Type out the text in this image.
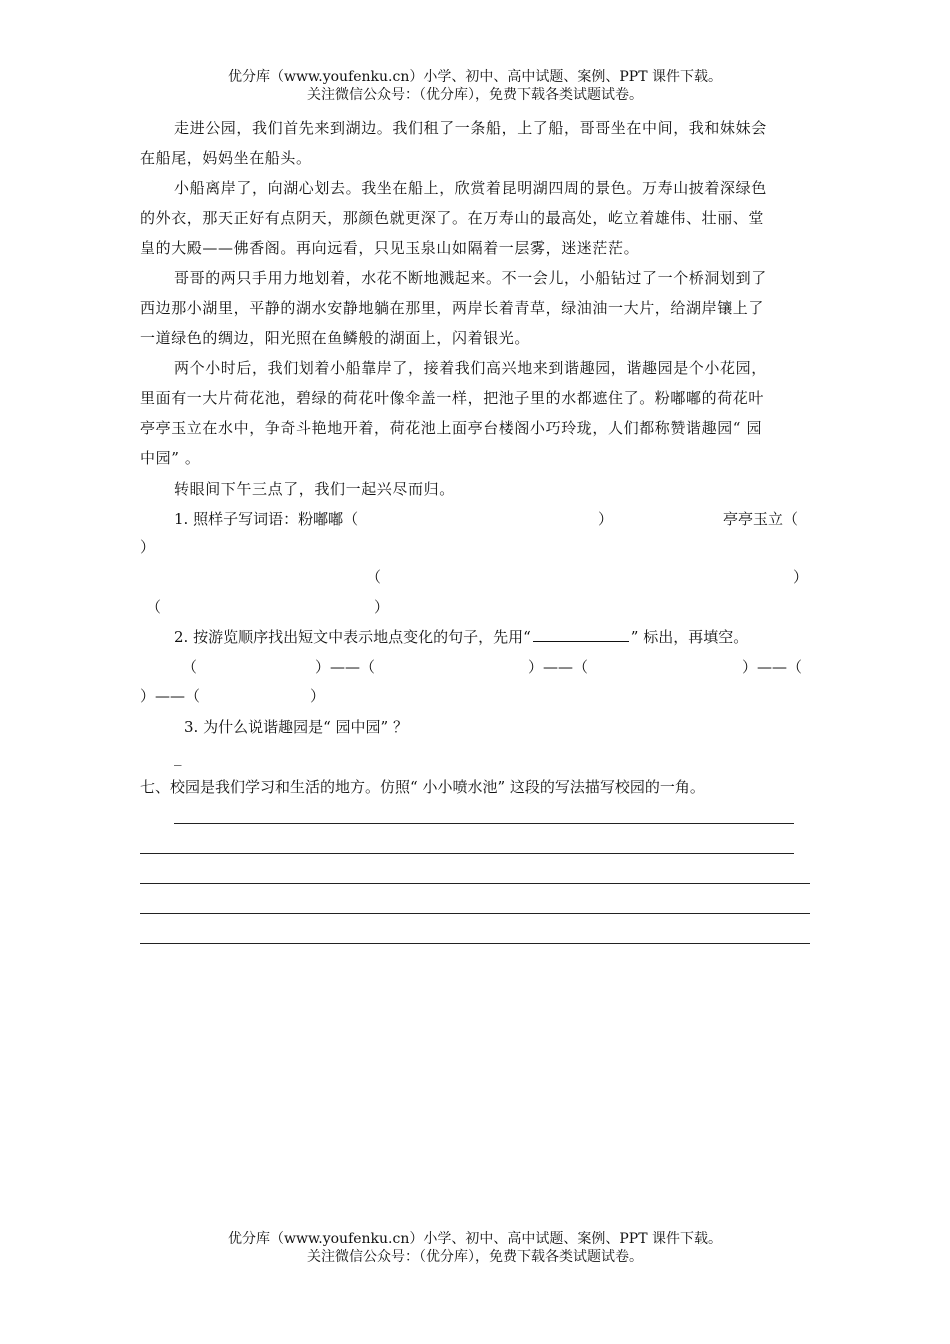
优分库（www.youfenku.cn）小学、初中、高中试题、案例、PPT 课件下载。
关注微信公众号：（优分库），免费下载各类试题试卷。
走进公园，我们首先来到湖边。我们租了一条船，上了船，哥哥坐在中间，我和妹妹会
在船尾，妈妈坐在船头。
小船离岸了，向湖心划去。我坐在船上，欣赏着昆明湖四周的景色。万寿山披着深绿色
的外衣，那天正好有点阴天，那颜色就更深了。在万寿山的最高处，屹立着雄伟、壮丽、堂
皇的大殿——佛香阁。再向远看，只见玉泉山如隔着一层雾，迷迷茫茫。
哥哥的两只手用力地划着，水花不断地溅起来。不一会儿，小船钻过了一个桥洞划到了
西边那小湖里，平静的湖水安静地躺在那里，两岸长着青草，绿油油一大片，给湖岸镶上了
一道绿色的绸边，阳光照在鱼鳞般的湖面上，闪着银光。
两个小时后，我们划着小船靠岸了，接着我们高兴地来到谐趣园，谐趣园是个小花园，
里面有一大片荷花池，碧绿的荷花叶像伞盖一样，把池子里的水都遮住了。粉嘟嘟的荷花叶
亭亭玉立在水中，争奇斗艳地开着，荷花池上面亭台楼阁小巧玲珑，人们都称赞谐趣园“ 园
中园” 。
转眼间下午三点了，我们一起兴尽而归。
1. 照样子写词语：粉嘟嘟（	）	亭亭玉立（
）
（	）
（	）
2. 按游览顺序找出短文中表示地点变化的句子，先用“	” 标出，再填空。
（	）——（	）——（	）——（
）——（	）
3. 为什么说谐趣园是“ 园中园” ？
_
七、校园是我们学习和生活的地方。仿照“ 小小喷水池” 这段的写法描写校园的一角。
优分库（www.youfenku.cn）小学、初中、高中试题、案例、PPT 课件下载。
关注微信公众号：（优分库），免费下载各类试题试卷。
